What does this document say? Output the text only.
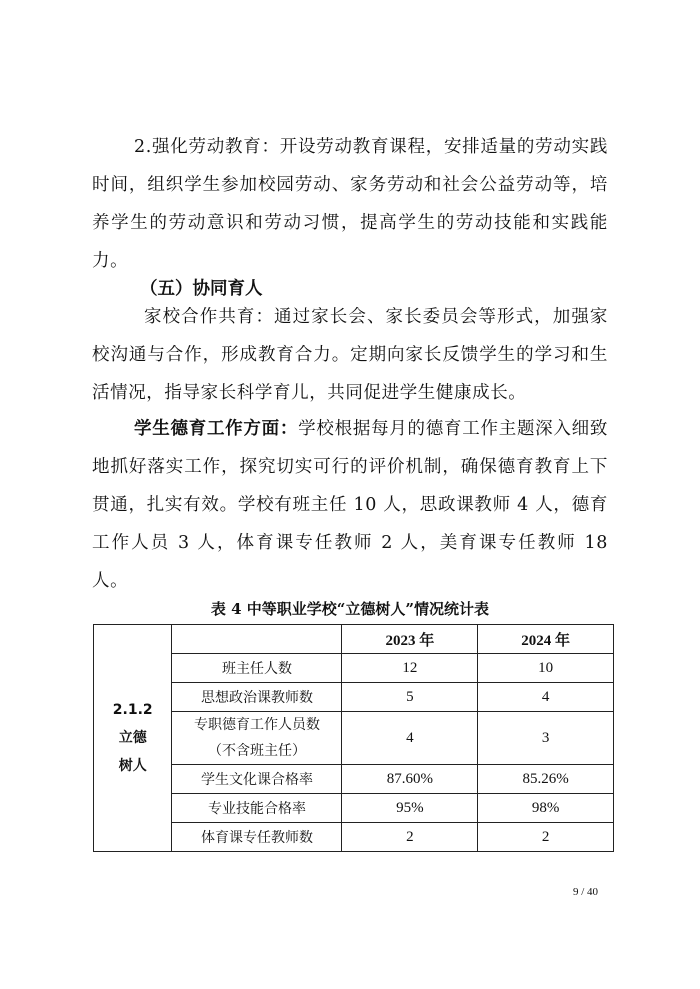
2.强化劳动教育：开设劳动教育课程，安排适量的劳动实践时间，组织学生参加校园劳动、家务劳动和社会公益劳动等，培养学生的劳动意识和劳动习惯，提高学生的劳动技能和实践能力。

（五）协同育人

家校合作共育：通过家长会、家长委员会等形式，加强家校沟通与合作，形成教育合力。定期向家长反馈学生的学习和生活情况，指导家长科学育儿，共同促进学生健康成长。

学生德育工作方面：学校根据每月的德育工作主题深入细致地抓好落实工作，探究切实可行的评价机制，确保德育教育上下贯通，扎实有效。学校有班主任 10 人，思政课教师 4 人，德育工作人员 3 人，体育课专任教师 2 人，美育课专任教师 18 人。

表 4 中等职业学校“立德树人”情况统计表
2.1.2
立德
树人		2023 年	2024 年
	班主任人数	12	10
	思想政治课教师数	5	4

	专职德育工作人员数
（不含班主任）	4	3
	学生文化课合格率	87.60%	85.26%
	专业技能合格率	95%	98%
	体育课专任教师数	2	2
9 / 40
